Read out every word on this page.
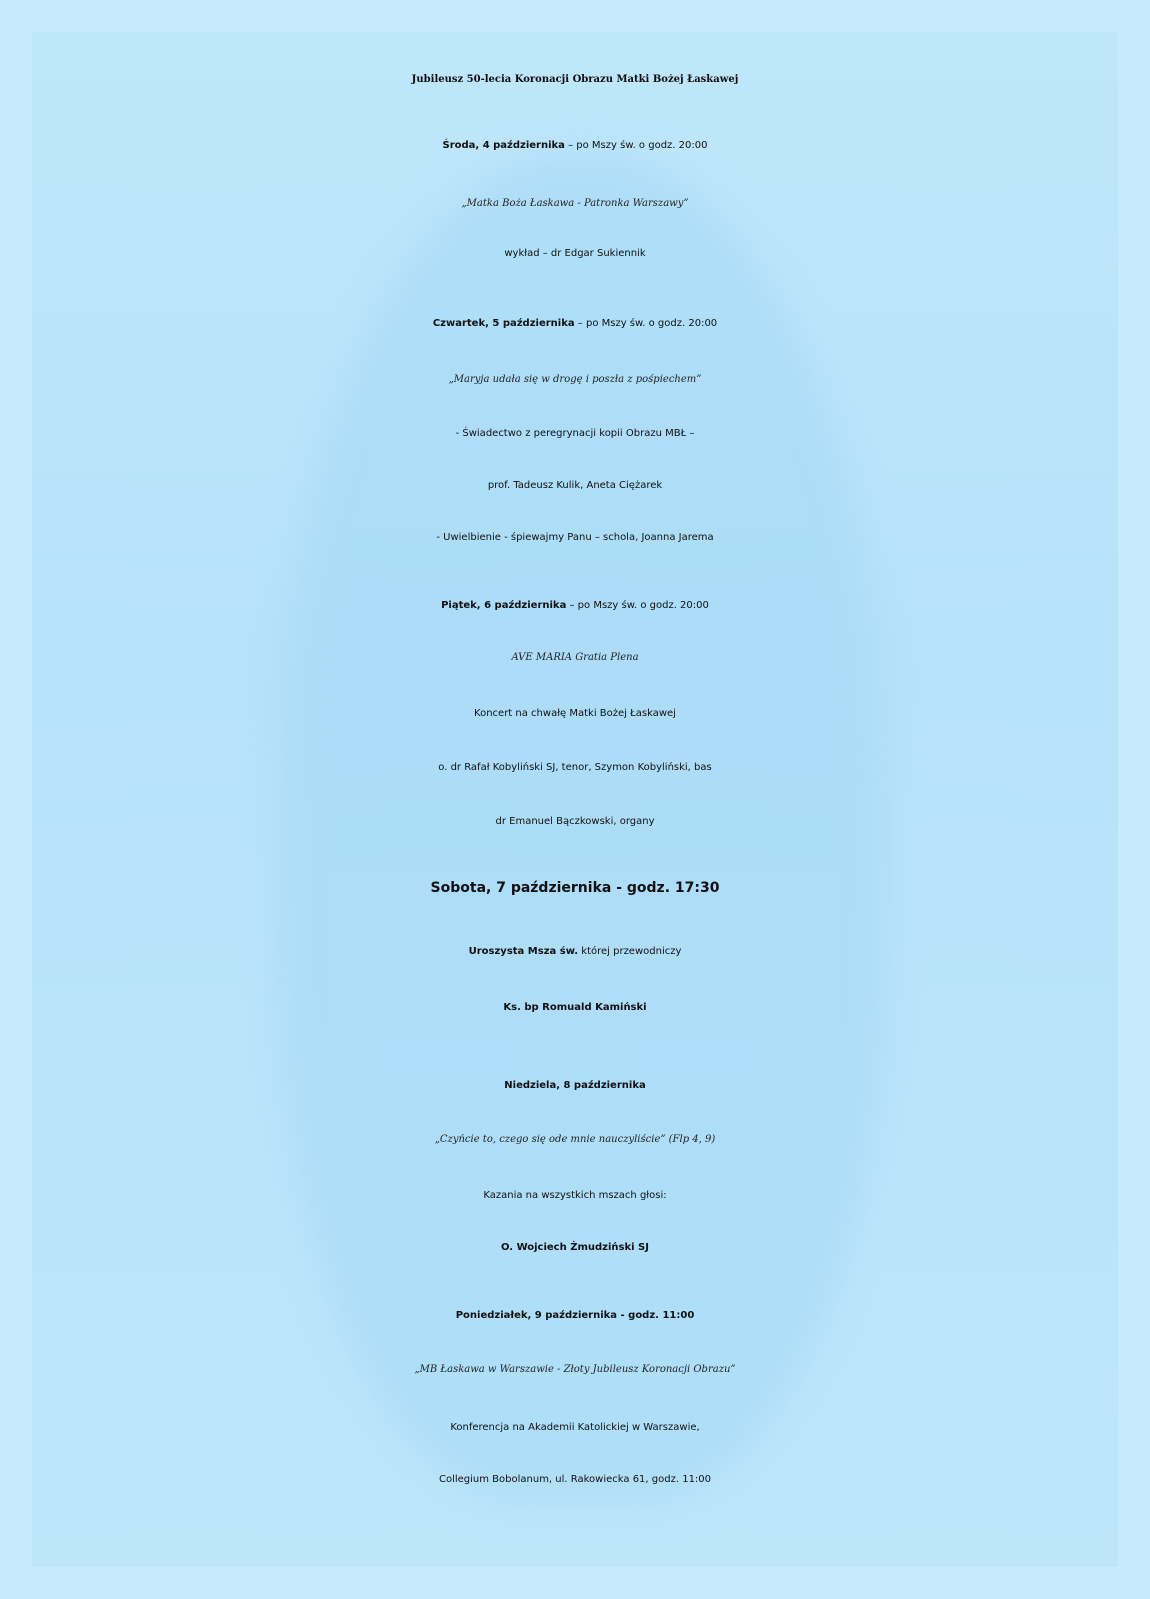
Jubileusz 50-lecia Koronacji Obrazu Matki Bożej Łaskawej
Środa, 4 października – po Mszy św. o godz. 20:00
„Matka Boża Łaskawa - Patronka Warszawy”
wykład – dr Edgar Sukiennik
Czwartek, 5 października – po Mszy św. o godz. 20:00
„Maryja udała się w drogę i poszła z pośpiechem”
- Świadectwo z peregrynacji kopii Obrazu MBŁ –
prof. Tadeusz Kulik, Aneta Ciężarek
- Uwielbienie - śpiewajmy Panu – schola, Joanna Jarema
Piątek, 6 października – po Mszy św. o godz. 20:00
AVE MARIA Gratia Plena
Koncert na chwałę Matki Bożej Łaskawej
o. dr Rafał Kobyliński SJ, tenor, Szymon Kobyliński, bas
dr Emanuel Bączkowski, organy
Sobota, 7 października - godz. 17:30
Uroszysta Msza św. której przewodniczy
Ks. bp Romuald Kamiński
Niedziela, 8 października
„Czyńcie to, czego się ode mnie nauczyliście” (Flp 4, 9)
Kazania na wszystkich mszach głosi:
O. Wojciech Żmudziński SJ
Poniedziałek, 9 października - godz. 11:00
„MB Łaskawa w Warszawie - Złoty Jubileusz Koronacji Obrazu”
Konferencja na Akademii Katolickiej w Warszawie,
Collegium Bobolanum, ul. Rakowiecka 61, godz. 11:00
